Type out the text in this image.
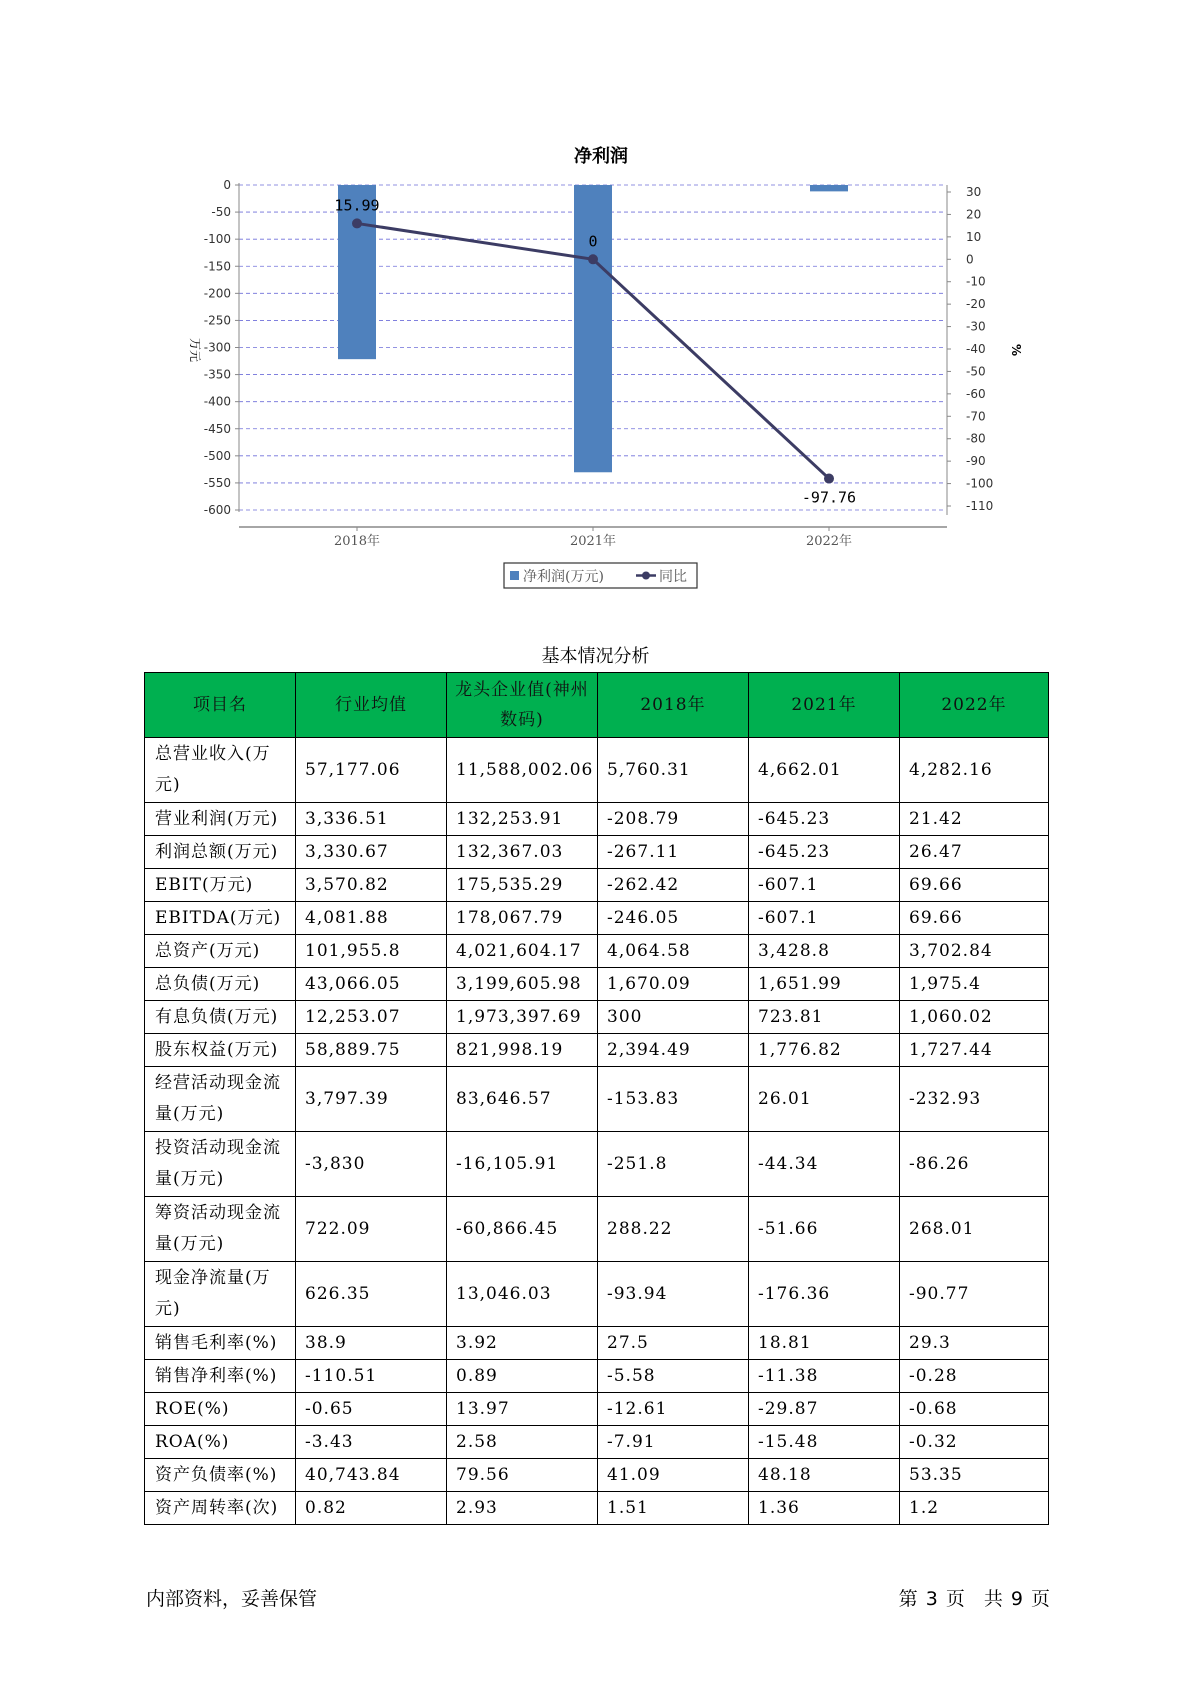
净利润
0
-50
-100
-150
-200
-250
-300
-350
-400
-450
-500
-550
-600
30
20
10
0
-10
-20
-30
-40
-50
-60
-70
-80
-90
-100
-110
万元	%
15.99
0
-97.76
2018年	2021年	2022年
净利润(万元)	同比
基本情况分析
项目名	行业均值	龙头企业值(神州数码)	2018年	2021年	2022年
总营业收入(万元)	57,177.06	11,588,002.06	5,760.31	4,662.01	4,282.16
营业利润(万元)	3,336.51	132,253.91	-208.79	-645.23	21.42
利润总额(万元)	3,330.67	132,367.03	-267.11	-645.23	26.47
EBIT(万元)	3,570.82	175,535.29	-262.42	-607.1	69.66
EBITDA(万元)	4,081.88	178,067.79	-246.05	-607.1	69.66
总资产(万元)	101,955.8	4,021,604.17	4,064.58	3,428.8	3,702.84
总负债(万元)	43,066.05	3,199,605.98	1,670.09	1,651.99	1,975.4
有息负债(万元)	12,253.07	1,973,397.69	300	723.81	1,060.02
股东权益(万元)	58,889.75	821,998.19	2,394.49	1,776.82	1,727.44
经营活动现金流量(万元)	3,797.39	83,646.57	-153.83	26.01	-232.93
投资活动现金流量(万元)	-3,830	-16,105.91	-251.8	-44.34	-86.26
筹资活动现金流量(万元)	722.09	-60,866.45	288.22	-51.66	268.01
现金净流量(万元)	626.35	13,046.03	-93.94	-176.36	-90.77
销售毛利率(%)	38.9	3.92	27.5	18.81	29.3
销售净利率(%)	-110.51	0.89	-5.58	-11.38	-0.28
ROE(%)	-0.65	13.97	-12.61	-29.87	-0.68
ROA(%)	-3.43	2.58	-7.91	-15.48	-0.32
资产负债率(%)	40,743.84	79.56	41.09	48.18	53.35
资产周转率(次)	0.82	2.93	1.51	1.36	1.2
内部资料，妥善保管	第 3 页　共 9 页
